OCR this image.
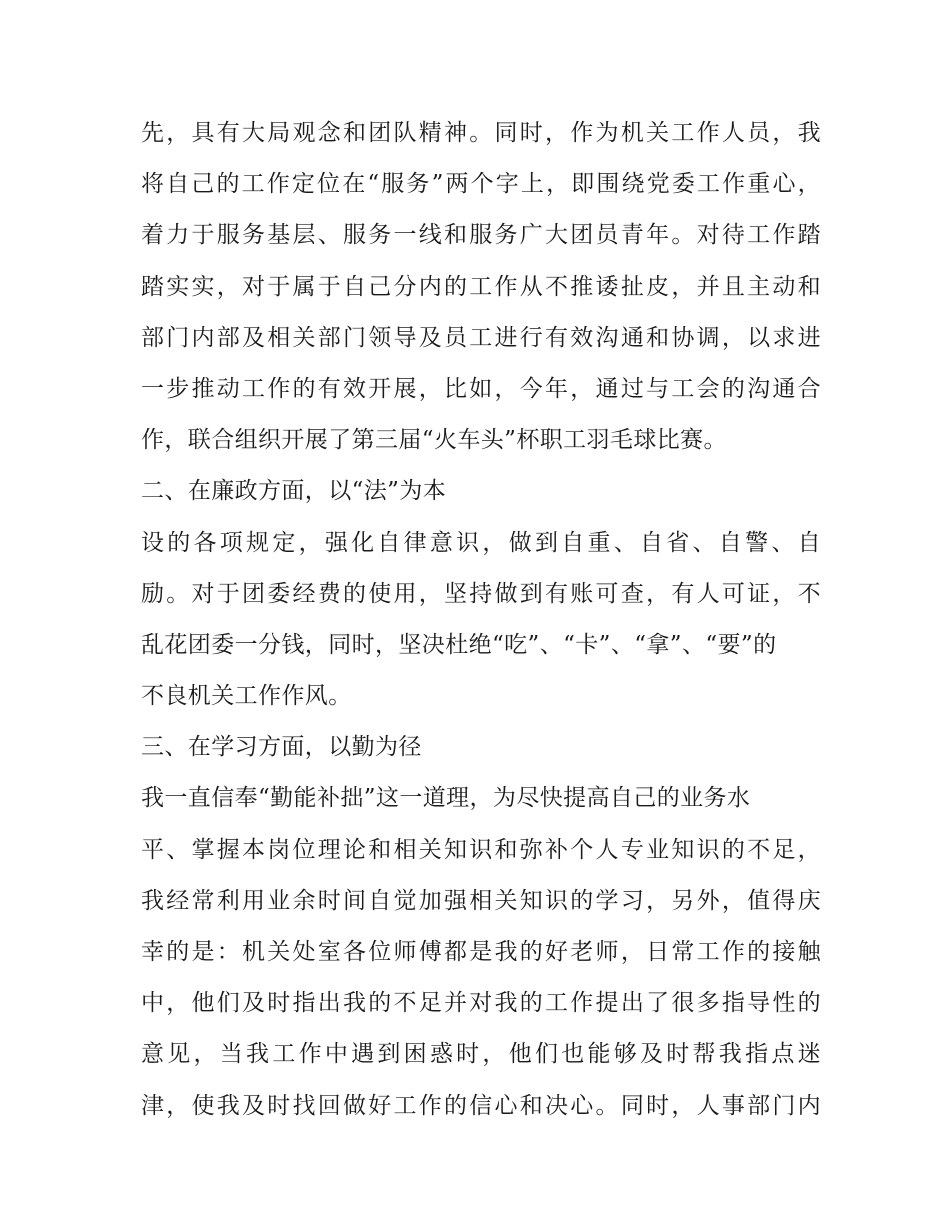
先，具有大局观念和团队精神。同时，作为机关工作人员，我
将自己的工作定位在“服务”两个字上，即围绕党委工作重心，
着力于服务基层、服务一线和服务广大团员青年。对待工作踏
踏实实，对于属于自己分内的工作从不推诿扯皮，并且主动和
部门内部及相关部门领导及员工进行有效沟通和协调，以求进
一步推动工作的有效开展，比如，今年，通过与工会的沟通合
作，联合组织开展了第三届“火车头”杯职工羽毛球比赛。
二、在廉政方面，以“法”为本
设的各项规定，强化自律意识，做到自重、自省、自警、自
励。对于团委经费的使用，坚持做到有账可查，有人可证，不
乱花团委一分钱，同时，坚决杜绝“吃”、“卡”、“拿”、“要”的
不良机关工作作风。
三、在学习方面，以勤为径
我一直信奉“勤能补拙”这一道理，为尽快提高自己的业务水
平、掌握本岗位理论和相关知识和弥补个人专业知识的不足，
我经常利用业余时间自觉加强相关知识的学习，另外，值得庆
幸的是：机关处室各位师傅都是我的好老师，日常工作的接触
中，他们及时指出我的不足并对我的工作提出了很多指导性的
意见，当我工作中遇到困惑时，他们也能够及时帮我指点迷
津，使我及时找回做好工作的信心和决心。同时，人事部门内
